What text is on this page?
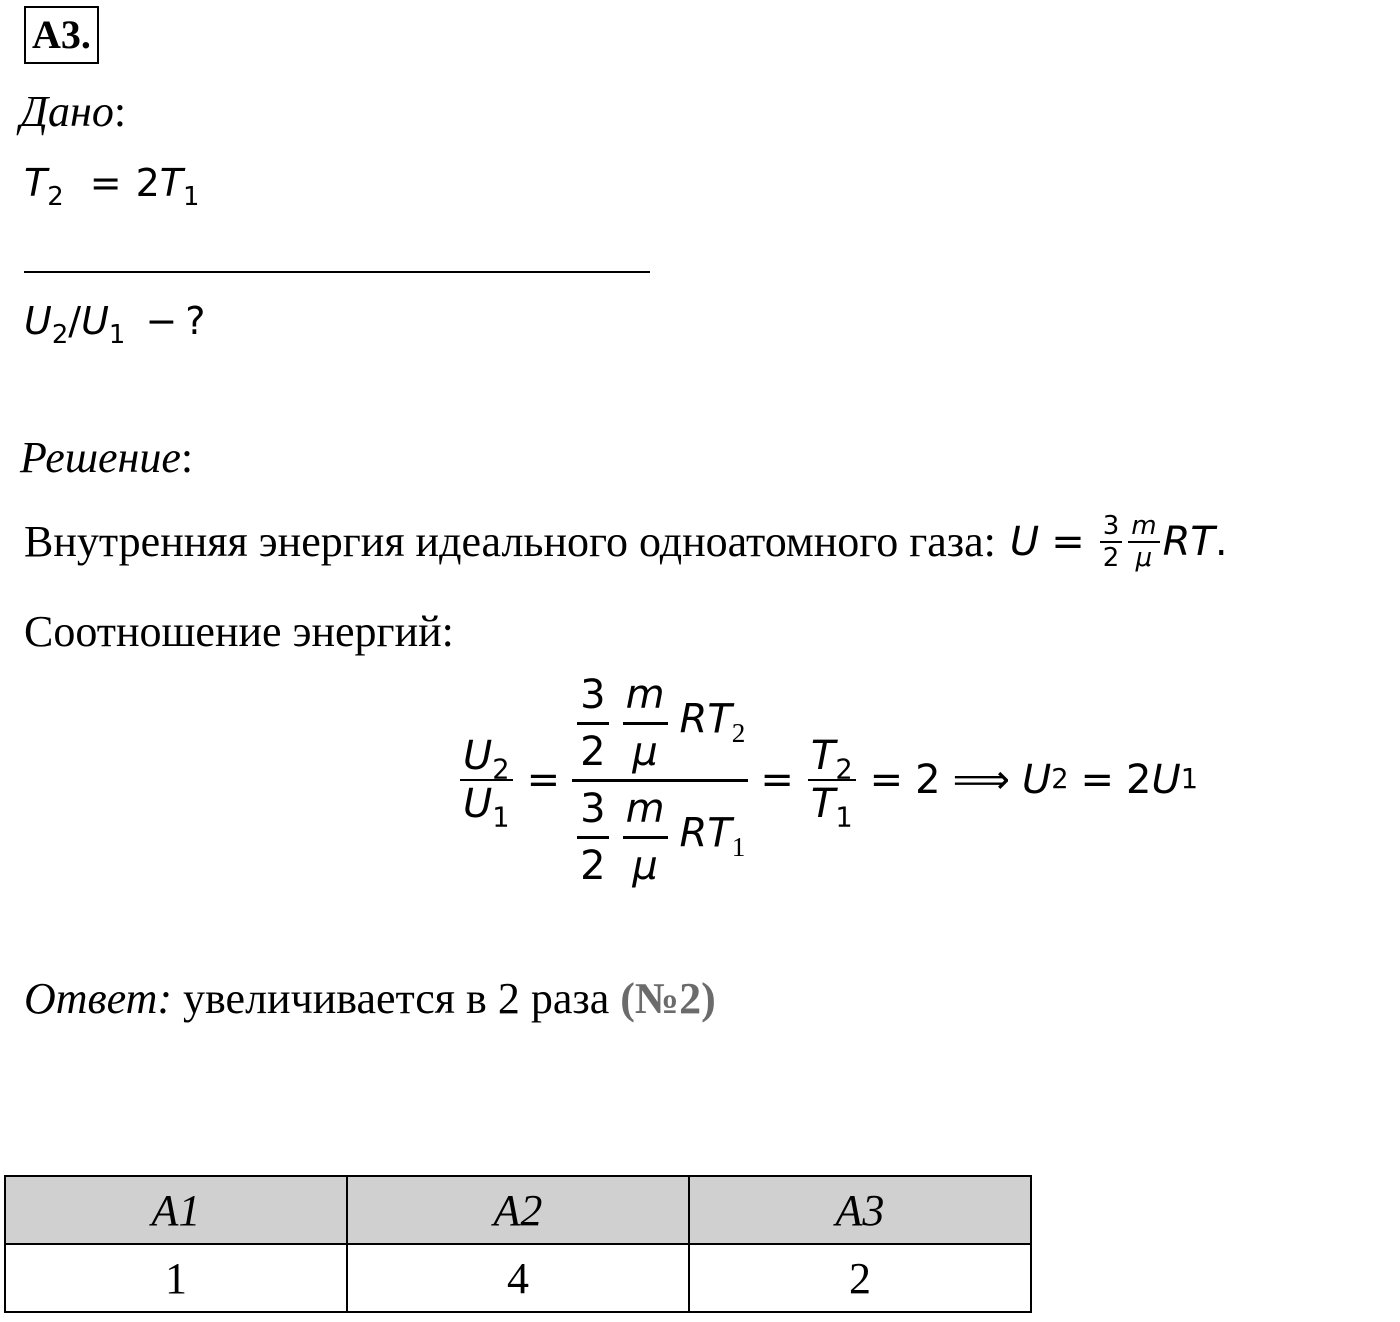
А3.
Дано:
$T_2 = 2T_1$
$U_2/U_1$ − ?
Решение:
Внутренняя энергия идеального одноатомного газа: $U = \frac{3}{2} \frac{m}{\mu}$ RT .
Соотношение энергий:
$\frac{U_2}{U_1} = \frac{3}{2}$
$\frac{m}{\mu} RT_2$
$\frac{3}{2}$
$\frac{m}{\mu} RT_1 = \frac{T_2}{T_1} = 2$ ⟹ U 2 = 2 U 1
Ответ: увеличивается в 2 раза (№2)
А1	А2	А3
1	4	2
